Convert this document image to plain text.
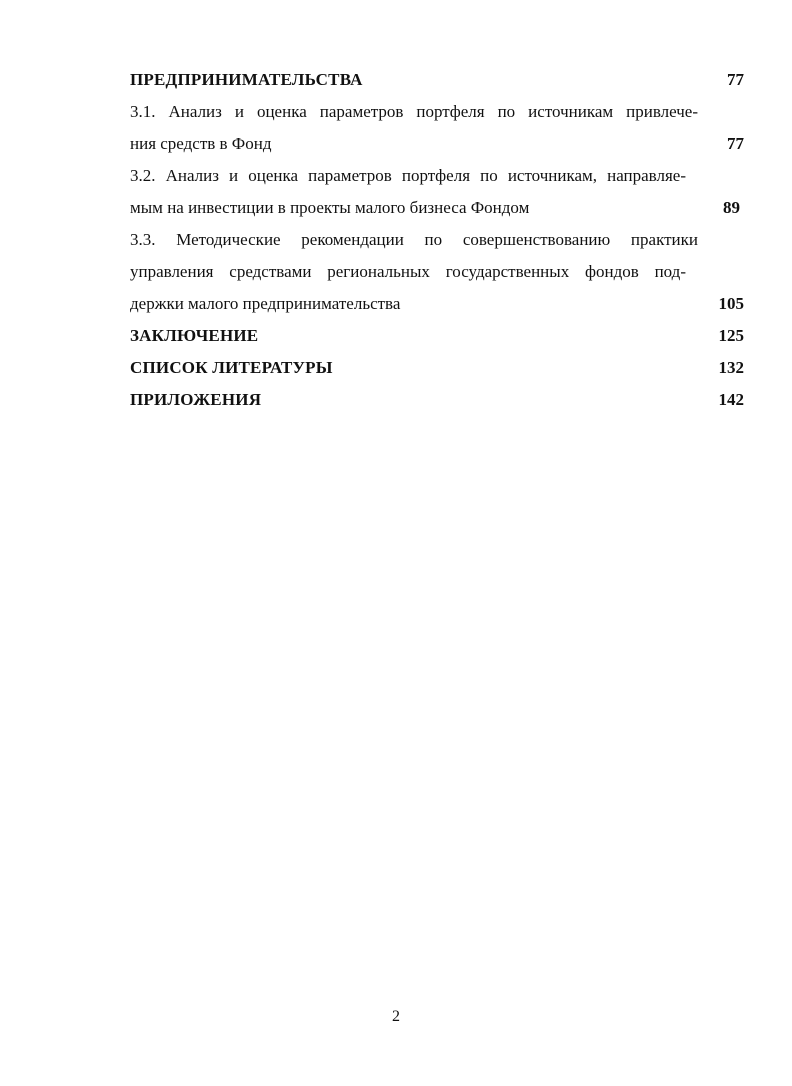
ПРЕДПРИНИМАТЕЛЬСТВА	77
3.1. Анализ и оценка параметров портфеля по источникам привлече-
ния средств в Фонд	77
3.2. Анализ и оценка параметров портфеля по источникам, направляе-
мым на инвестиции в проекты малого бизнеса Фондом	89
3.3. Методические рекомендации по совершенствованию практики
управления средствами региональных государственных фондов под-
держки малого предпринимательства	105
ЗАКЛЮЧЕНИЕ	125
СПИСОК ЛИТЕРАТУРЫ	132
ПРИЛОЖЕНИЯ	142
2
